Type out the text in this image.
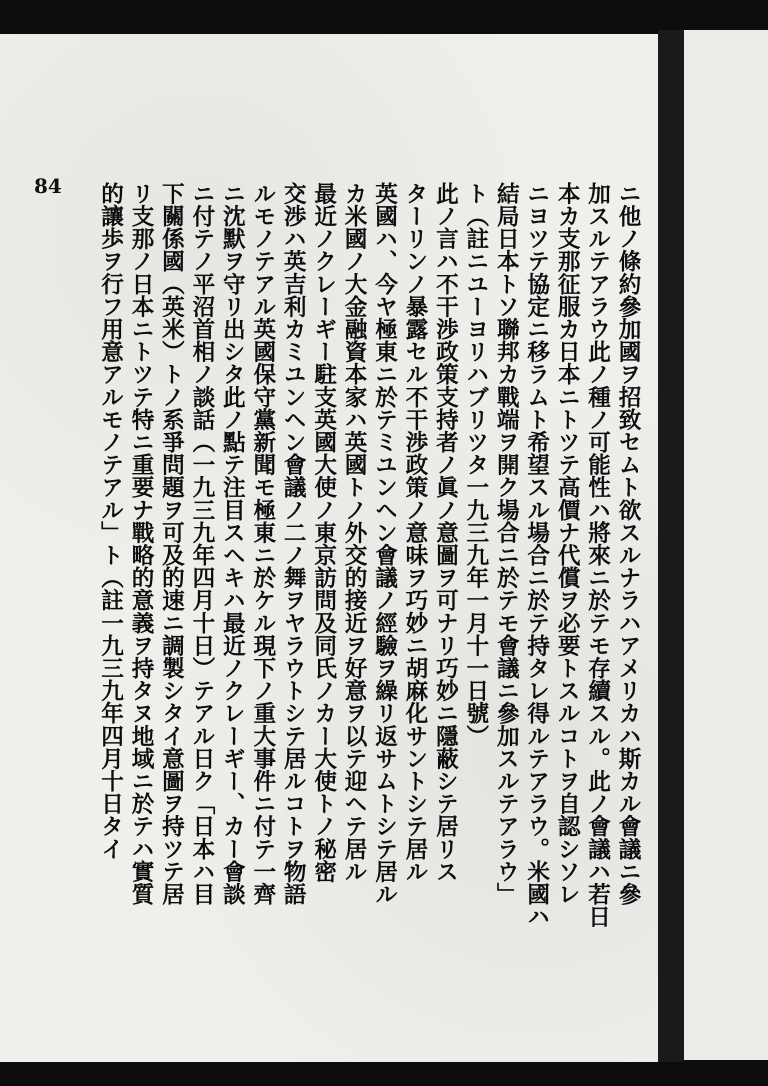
84	ニ他ノ條約參加國ヲ招致セムト欲スルナラハアメリカハ斯カル會議ニ參
加スルテアラウ此ノ種ノ可能性ハ將來ニ於テモ存續スル。此ノ會議ハ若日
本カ支那征服カ日本ニトツテ高價ナ代償ヲ必要トスルコトヲ自認シソレ
ニヨツテ協定ニ移ラムト希望スル場合ニ於テ持タレ得ルテアラウ。米國ハ
結局日本トソ聯邦カ戰端ヲ開ク場合ニ於テモ會議ニ參加スルテアラウ」
ト（註ニユーヨリハブリツタ一九三九年一月十一日號）
此ノ言ハ不干渉政策支持者ノ眞ノ意圖ヲ可ナリ巧妙ニ隱蔽シテ居リス
ターリンノ暴露セル不干渉政策ノ意味ヲ巧妙ニ胡麻化サントシテ居ル
英國ハ、今ヤ極東ニ於テミユンヘン會議ノ經驗ヲ繰リ返サムトシテ居ル
カ米國ノ大金融資本家ハ英國トノ外交的接近ヲ好意ヲ以テ迎ヘテ居ル
最近ノクレーギー駐支英國大使ノ東京訪問及同氏ノカー大使トノ秘密
交渉ハ英吉利カミユンヘン會議ノ二ノ舞ヲヤラウトシテ居ルコトヲ物語
ルモノテアル英國保守黨新聞モ極東ニ於ケル現下ノ重大事件ニ付テ一齊
ニ沈默ヲ守リ出シタ此ノ點テ注目スヘキハ最近ノクレーギー、カー會談
ニ付テノ平沼首相ノ談話（一九三九年四月十日）テアル日ク「日本ハ目
下關係國（英米）トノ系爭問題ヲ可及的速ニ調製シタイ意圖ヲ持ツテ居
リ支那ノ日本ニトツテ特ニ重要ナ戰略的意義ヲ持タヌ地域ニ於テハ實質
的讓歩ヲ行フ用意アルモノテアル」ト（註一九三九年四月十日タイ
